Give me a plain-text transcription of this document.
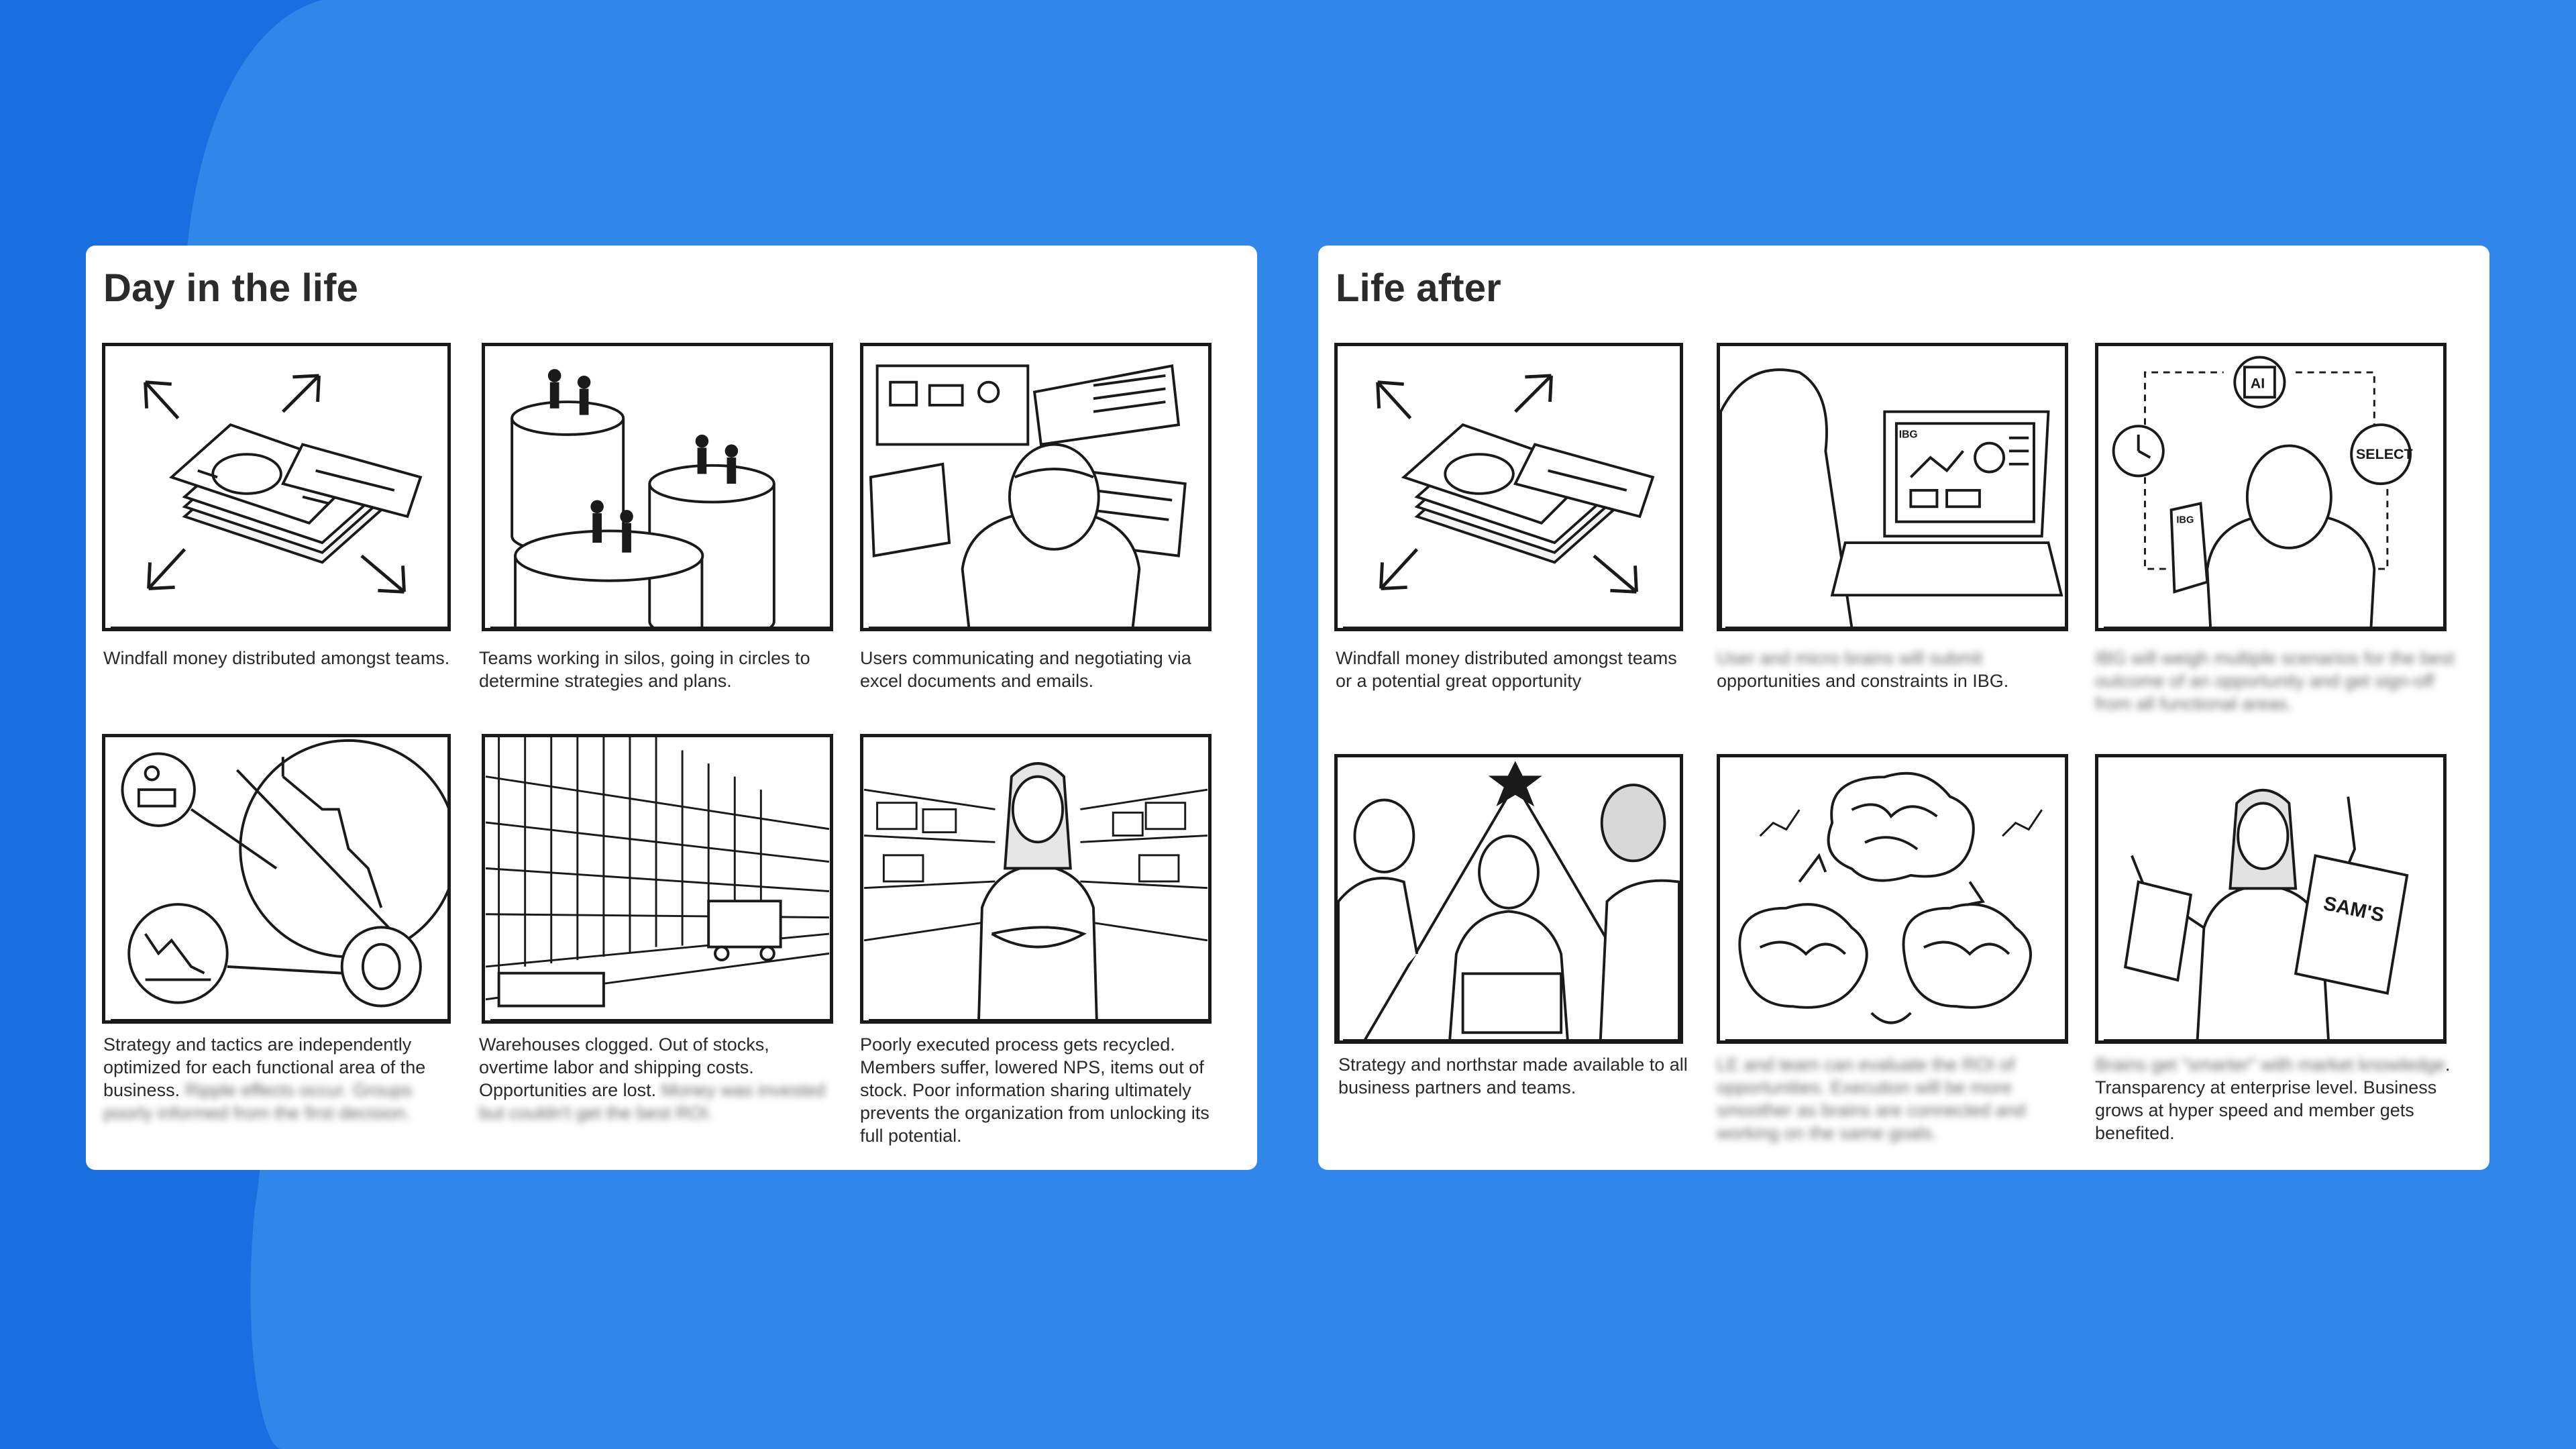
Day in the life

Windfall money distributed amongst teams.	Teams working in silos, going in circles to determine strategies and plans.

Users communicating and negotiating via excel documents and emails.

Strategy and tactics are independently optimized for each functional area of the business. Ripple effects occur. Groups poorly informed from the first decision.

Warehouses clogged. Out of stocks, overtime labor and shipping costs. Opportunities are lost. Money was invested but couldn't get the best ROI.

Poorly executed process gets recycled. Members suffer, lowered NPS, items out of stock. Poor information sharing ultimately prevents the organization from unlocking its full potential.

Life after

Windfall money distributed amongst teams or a potential great opportunity

IBG

User and micro brains will submit
opportunities and constraints in IBG.

AI
SELECT
IBG

IBG will weigh multiple scenarios for the best outcome of an opportunity and get sign-off from all functional areas.

Strategy and northstar made available to all business partners and teams.

LE and team can evaluate the ROI of opportunities. Execution will be more smoother as brains are connected and working on the same goals.

SAM'S

Brains get "smarter" with market knowledge. Transparency at enterprise level. Business grows at hyper speed and member gets benefited.
